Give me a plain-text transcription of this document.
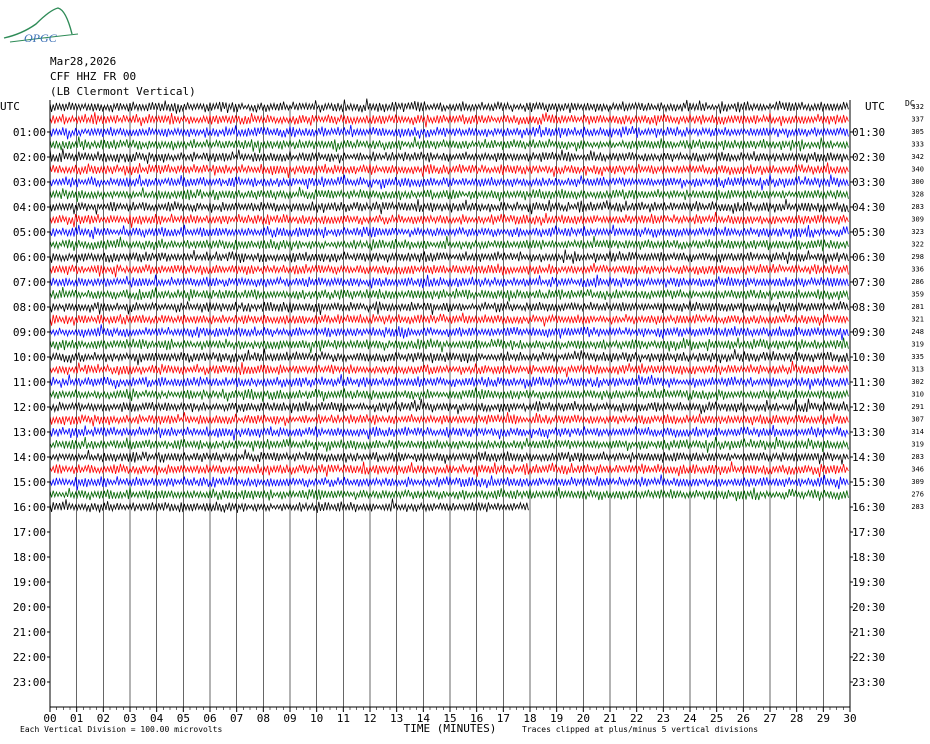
00 01 02 03 04 05 06 07 08 09 10 11 12 13 14 15 16 17 18 19 20 21 22 23 24 25 26 27 28 29 30
TIME (MINUTES)
UTC	UTC	DC
01:00
02:00
03:00
04:00
05:00
06:00
07:00
08:00
09:00
10:00
11:00
12:00
13:00
14:00
15:00
16:00
17:00
18:00
19:00
20:00
21:00
22:00
23:00
01:30
02:30
03:30
04:30
05:30
06:30
07:30
08:30
09:30
10:30
11:30
12:30
13:30
14:30
15:30
16:30
17:30
18:30
19:30
20:30
21:30
22:30
23:30
332
337
305
333
342
340
300
328
283
309
323
322
298
336
286
359
281
321
248
319
335
313
302
310
291
307
314
319
283
346
309
276
283
OPGC
Mar28,2026
CFF HHZ FR 00
(LB Clermont Vertical)
Each Vertical Division = 100.00 microvolts	Traces clipped at plus/minus 5 vertical divisions
